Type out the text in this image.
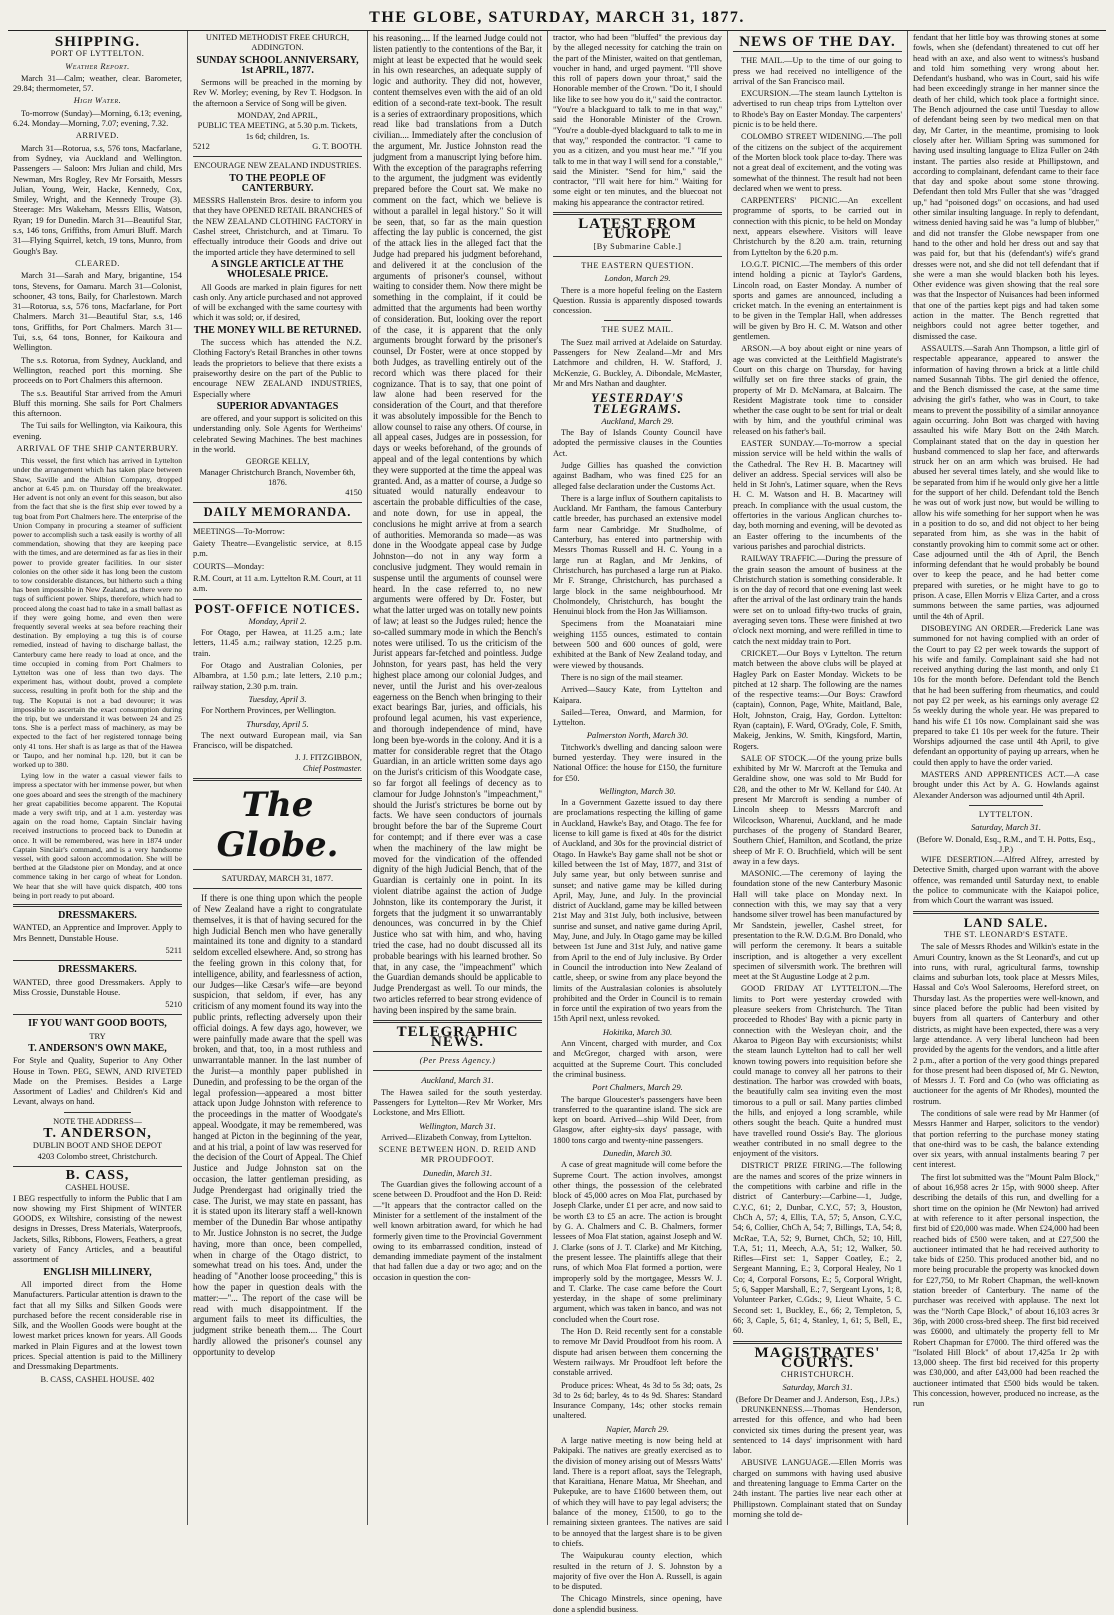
THE GLOBE, SATURDAY, MARCH 31, 1877.
SHIPPING.
PORT OF LYTTELTON.
Weather Report.

March 31—Calm; weather, clear. Barometer, 29.84; thermometer, 57.

High Water.

To-morrow (Sunday)—Morning, 6.13; evening, 6.24. Monday—Morning, 7.07; evening, 7.32.

ARRIVED.

March 31—Rotorua, s.s, 576 tons, Macfarlane, from Sydney, via Auckland and Wellington. Passengers — Saloon: Mrs Julian and child, Mrs Newman, Mrs Rogley, Rev Mr Forsaith, Messrs Julian, Young, Weir, Hacke, Kennedy, Cox, Smiley, Wright, and the Kennedy Troupe (3). Steerage: Mrs Wakeham, Messrs Ellis, Watson, Ryan; 19 for Dunedin. March 31—Beautiful Star, s.s, 146 tons, Griffiths, from Amuri Bluff. March 31—Flying Squirrel, ketch, 19 tons, Munro, from Gough's Bay.

CLEARED.

March 31—Sarah and Mary, brigantine, 154 tons, Stevens, for Oamaru. March 31—Colonist, schooner, 43 tons, Baily, for Charlestown. March 31—Rotorua, s.s, 576 tons, Macfarlane, for Port Chalmers. March 31—Beautiful Star, s.s, 146 tons, Griffiths, for Port Chalmers. March 31—Tui, s.s, 64 tons, Bonner, for Kaikoura and Wellington.

The s.s. Rotorua, from Sydney, Auckland, and Wellington, reached port this morning. She proceeds on to Port Chalmers this afternoon.

The s.s. Beautiful Star arrived from the Amuri Bluff this morning. She sails for Port Chalmers this afternoon.

The Tui sails for Wellington, via Kaikoura, this evening.

ARRIVAL OF THE SHIP CANTERBURY.

This vessel, the first which has arrived in Lyttelton under the arrangement which has taken place between Shaw, Saville and the Albion Company, dropped anchor at 6.45 p.m. on Thursday off the breakwater. Her advent is not only an event for this season, but also from the fact that she is the first ship ever towed by a tug boat from Port Chalmers here. The enterprise of the Union Company in procuring a steamer of sufficient power to accomplish such a task easily is worthy of all commendation, showing that they are keeping pace with the times, and are determined as far as lies in their power to provide greater facilities. In our sister colonies on the other side it has long been the custom to tow considerable distances, but hitherto such a thing has been impossible in New Zealand, as there were no tugs of sufficient power. Ships, therefore, which had to proceed along the coast had to take in a small ballast as if they were going home, and even then were frequently several weeks at sea before reaching their destination. By employing a tug this is of course remedied, instead of having to discharge ballast, the Canterbury came here ready to load at once, and the time occupied in coming from Port Chalmers to Lyttelton was one of less than two days. The experiment has, without doubt, proved a complete success, resulting in profit both for the ship and the tug. The Koputai is not a bad devourer; it was impossible to ascertain the exact consumption during the trip, but we understand it was between 24 and 25 tons. She is a perfect mass of machinery, as may be expected to the fact of her registered tonnage being only 41 tons. Her shaft is as large as that of the Hawea or Taupo, and her nominal h.p. 120, but it can be worked up to 380.

Lying low in the water a casual viewer fails to impress a spectator with her immense power, but when one goes aboard and sees the strength of the machinery her great capabilities become apparent. The Koputai made a very swift trip, and at 1 a.m. yesterday was again on the road home, Captain Sinclair having received instructions to proceed back to Dunedin at once. It will be remembered, was here in 1874 under Captain Sinclair's command, and is a very handsome vessel, with good saloon accommodation. She will be berthed at the Gladstone pier on Monday, and at once commence taking in her cargo of wheat for London. We hear that she will have quick dispatch, 400 tons being in port ready to put aboard.

DRESSMAKERS.

WANTED, an Apprentice and Improver. Apply to Mrs Bennett, Dunstable House.

5211
DRESSMAKERS.

WANTED, three good Dressmakers. Apply to Miss Crossie, Dunstable House.

5210
IF YOU WANT GOOD BOOTS,
TRY
T. ANDERSON'S OWN MAKE,

For Style and Quality, Superior to Any Other House in Town. PEG, SEWN, AND RIVETED Made on the Premises. Besides a Large Assortment of Ladies' and Children's Kid and Levant, always on hand.

NOTE THE ADDRESS—
T. ANDERSON,
DUBLIN BOOT AND SHOE DEPOT
4203 Colombo street, Christchurch.
B. CASS,
CASHEL HOUSE.

I BEG respectfully to inform the Public that I am now showing my First Shipment of WINTER GOODS, ex Wiltshire, consisting of the newest designs in Dresses, Dress Materials, Waterproofs, Jackets, Silks, Ribbons, Flowers, Feathers, a great variety of Fancy Articles, and a beautiful assortment of

ENGLISH MILLINERY,

All imported direct from the Home Manufacturers. Particular attention is drawn to the fact that all my Silks and Silken Goods were purchased before the recent considerable rise in Silk, and the Woollen Goods were bought at the lowest market prices known for years. All Goods marked in Plain Figures and at the lowest town prices. Special attention is paid to the Millinery and Dressmaking Departments.

B. CASS, CASHEL HOUSE. 402
UNITED METHODIST FREE CHURCH, ADDINGTON.
SUNDAY SCHOOL ANNIVERSARY, 1st APRIL, 1877.

Sermons will be preached in the morning by Rev W. Morley; evening, by Rev T. Hodgson. In the afternoon a Service of Song will be given.

MONDAY, 2nd APRIL,
PUBLIC TEA MEETING, at 5.30 p.m. Tickets, 1s 6d; children, 1s.
5212	G. T. BOOTH.
ENCOURAGE NEW ZEALAND INDUSTRIES.
TO THE PEOPLE OF CANTERBURY.

MESSRS Hallenstein Bros. desire to inform you that they have OPENED RETAIL BRANCHES of the NEW ZEALAND CLOTHING FACTORY in Cashel street, Christchurch, and at Timaru. To effectually introduce their Goods and drive out the imported article they have determined to sell

A SINGLE ARTICLE AT THE WHOLESALE PRICE.

All Goods are marked in plain figures for nett cash only. Any article purchased and not approved of will be exchanged with the same courtesy with which it was sold; or, if desired,

THE MONEY WILL BE RETURNED.

The success which has attended the N.Z. Clothing Factory's Retail Branches in other towns leads the proprietors to believe that there exists a praiseworthy desire on the part of the Public to encourage NEW ZEALAND INDUSTRIES, Especially where

SUPERIOR ADVANTAGES

are offered, and your support is solicited on this understanding only. Sole Agents for Wertheims' celebrated Sewing Machines. The best machines in the world.

GEORGE KELLY,
Manager Christchurch Branch, November 6th, 1876.
4150
DAILY MEMORANDA.

MEETINGS—To-Morrow:

Gaiety Theatre—Evangelistic service, at 8.15 p.m.

COURTS—Monday:

R.M. Court, at 11 a.m. Lyttelton R.M. Court, at 11 a.m.

POST-OFFICE NOTICES.
Monday, April 2.

For Otago, per Hawea, at 11.25 a.m.; late letters, 11.45 a.m.; railway station, 12.25 p.m. train.

For Otago and Australian Colonies, per Albambra, at 1.50 p.m.; late letters, 2.10 p.m.; railway station, 2.30 p.m. train.

Tuesday, April 3.

For Northern Provinces, per Wellington.

Thursday, April 5.

The next outward European mail, via San Francisco, will be dispatched.

J. J. FITZGIBBON,
Chief Postmaster.
The Globe.
SATURDAY, MARCH 31, 1877.

If there is one thing upon which the people of New Zealand have a right to congratulate themselves, it is that of having secured for the high Judicial Bench men who have generally maintained its tone and dignity to a standard seldom excelled elsewhere. And, so strong has the feeling grown in this colony that, for intelligence, ability, and fearlessness of action, our Judges—like Cæsar's wife—are beyond suspicion, that seldom, if ever, has any criticism of any moment found its way into the public prints, reflecting adversely upon their official doings. A few days ago, however, we were painfully made aware that the spell was broken, and that, too, in a most ruthless and unwarrantable manner. In the last number of the Jurist—a monthly paper published in Dunedin, and professing to be the organ of the legal profession—appeared a most bitter attack upon Judge Johnston with reference to the proceedings in the matter of Woodgate's appeal. Woodgate, it may be remembered, was hanged at Picton in the beginning of the year, and at his trial, a point of law was reserved for the decision of the Court of Appeal. The Chief Justice and Judge Johnston sat on the occasion, the latter gentleman presiding, as Judge Prendergast had originally tried the case. The Jurist, we may state en passant, has it is stated upon its literary staff a well-known member of the Dunedin Bar whose antipathy to Mr. Justice Johnston is no secret, the Judge having, more than once, been compelled, when in charge of the Otago district, to somewhat tread on his toes. And, under the heading of "Another loose proceeding," this is how the paper in question deals with the matter:—"... The report of the case will be read with much disappointment. If the argument fails to meet its difficulties, the judgment strike beneath them.... The Court hardly allowed the prisoner's counsel any opportunity to develop

his reasoning.... If the learned Judge could not listen patiently to the contentions of the Bar, it might at least be expected that he would seek in his own researches, an adequate supply of logic and authority. They did not, however, content themselves even with the aid of an old edition of a second-rate text-book. The result is a series of extraordinary propositions, which read like bad translations from a Dutch civilian.... Immediately after the conclusion of the argument, Mr. Justice Johnston read the judgment from a manuscript lying before him. With the exception of the paragraphs referring to the argument, the judgment was evidently prepared before the Court sat. We make no comment on the fact, which we believe is without a parallel in legal history." So it will be seen, that, so far as the main question affecting the lay public is concerned, the gist of the attack lies in the alleged fact that the Judge had prepared his judgment beforehand, and delivered it at the conclusion of the arguments of prisoner's counsel, without waiting to consider them. Now there might be something in the complaint, if it could be admitted that the arguments had been worthy of consideration. But, looking over the report of the case, it is apparent that the only arguments brought forward by the prisoner's counsel, Dr Foster, were at once stopped by both Judges, as travelling entirely out of the record which was there placed for their cognizance. That is to say, that one point of law alone had been reserved for the consideration of the Court, and that therefore it was absolutely impossible for the Bench to allow counsel to raise any others. Of course, in all appeal cases, Judges are in possession, for days or weeks beforehand, of the grounds of appeal and of the legal contentions by which they were supported at the time the appeal was granted. And, as a matter of course, a Judge so situated would naturally endeavour to ascertain the probable difficulties of the case, and note down, for use in appeal, the conclusions he might arrive at from a search of authorities. Memoranda so made—as was done in the Woodgate appeal case by Judge Johnston—do not in any way form a conclusive judgment. They would remain in suspense until the arguments of counsel were heard. In the case referred to, no new arguments were offered by Dr. Foster, but what the latter urged was on totally new points of law; at least so the Judges ruled; hence the so-called summary mode in which the Bench's notes were utilised. To us the criticism of the Jurist appears far-fetched and pointless. Judge Johnston, for years past, has held the very highest place among our colonial Judges, and never, until the Jurist and his over-zealous eagerness on the Bench when bringing to their exact bearings Bar, juries, and officials, his profound legal acumen, his vast experience, and thorough independence of mind, have long been bye-words in the colony. And it is a matter for considerable regret that the Otago Guardian, in an article written some days ago on the Jurist's criticism of this Woodgate case, so far forgot all feelings of decency as to clamour for Judge Johnston's "impeachment," should the Jurist's strictures be borne out by facts. We have seen conductors of journals brought before the bar of the Supreme Court for contempt; and if there ever was a case when the machinery of the law might be moved for the vindication of the offended dignity of the high Judicial Bench, that of the Guardian is certainly one in point. In its violent diatribe against the action of Judge Johnston, like its contemporary the Jurist, it forgets that the judgment it so unwarrantably denounces, was concurred in by the Chief Justice who sat with him, and who, having tried the case, had no doubt discussed all its probable bearings with his learned brother. So that, in any case, the "impeachment" which the Guardian demands should be applicable to Judge Prendergast as well. To our minds, the two articles referred to bear strong evidence of having been inspired by the same brain.

TELEGRAPHIC NEWS.
(Per Press Agency.)
Auckland, March 31.

The Hawea sailed for the south yesterday. Passengers for Lyttelton—Rev Mr Worker, Mrs Lockstone, and Mrs Elliott.

Wellington, March 31.

Arrived—Elizabeth Conway, from Lyttelton.

SCENE BETWEEN HON. D. REID AND MR PROUDFOOT.
Dunedin, March 31.

The Guardian gives the following account of a scene between D. Proudfoot and the Hon D. Reid:—"It appears that the contractor called on the Minister for a settlement of the instalment of the well known arbitration award, for which he had formerly given time to the Provincial Government owing to its embarrassed condition, instead of demanding immediate payment of the instalment that had fallen due a day or two ago; and on the occasion in question the con-

tractor, who had been "bluffed" the previous day by the alleged necessity for catching the train on the part of the Minister, waited on that gentleman, voucher in hand, and urged payment. "I'll shove this roll of papers down your throat," said the Honorable member of the Crown. "Do it, I should like like to see how you do it," said the contractor. "You're a blackguard to talk to me in that way," said the Honorable Minister of the Crown. "You're a double-dyed blackguard to talk to me in that way," responded the contractor. "I came to you as a citizen, and you must hear me." "If you talk to me in that way I will send for a constable," said the Minister. "Send for him," said the contractor, "I'll wait here for him." Waiting for some eight or ten minutes, and the bluecoat not making his appearance the contractor retired.

LATEST FROM EUROPE
[By Submarine Cable.]
THE EASTERN QUESTION.
London, March 29.

There is a more hopeful feeling on the Eastern Question. Russia is apparently disposed towards concession.

THE SUEZ MAIL.

The Suez mail arrived at Adelaide on Saturday. Passengers for New Zealand—Mr and Mrs Latchmore and children, H. W. Stafford, J. McKenzie, G. Buckley, A. Dibondale, McMaster, Mr and Mrs Nathan and daughter.

YESTERDAY'S TELEGRAMS.
Auckland, March 29.

The Bay of Islands County Council have adopted the permissive clauses in the Counties Act.

Judge Gillies has quashed the conviction against Badham, who was fined £25 for an alleged false declaration under the Customs Act.

There is a large influx of Southern capitalists to Auckland. Mr Fantham, the famous Canterbury cattle breeder, has purchased an extensive model farm near Cambridge. Mr Studholme, of Canterbury, has entered into partnership with Messrs Thomas Russell and H. C. Young in a large run at Raglan, and Mr Jenkins, of Christchurch, has purchased a large run at Piako. Mr F. Strange, Christchurch, has purchased a large block in the same neighbourhood. Mr Cholmondely, Christchurch, has bought the Henuinui block from the Hon Jas Williamson.

Specimens from the Moanataiari mine weighing 1155 ounces, estimated to contain between 500 and 600 ounces of gold, were exhibited at the Bank of New Zealand today, and were viewed by thousands.

There is no sign of the mail steamer.

Arrived—Saucy Kate, from Lyttelton and Kaipara.

Sailed—Terea, Onward, and Marmion, for Lyttelton.

Palmerston North, March 30.

Titchwork's dwelling and dancing saloon were burned yesterday. They were insured in the National Office: the house for £150, the furniture for £50.

Wellington, March 30.

In a Government Gazette issued to day there are proclamations respecting the killing of game in Auckland, Hawke's Bay, and Otago. The fee for license to kill game is fixed at 40s for the district of Auckland, and 30s for the provincial district of Otago. In Hawke's Bay game shall not be shot or killed between the 1st of May, 1877, and 31st of July same year, but only between sunrise and sunset; and native game may be killed during April, May, June, and July. In the provincial district of Auckland, game may be killed between 21st May and 31st July, both inclusive, between sunrise and sunset, and native game during April, May, June, and July. In Otago game may be killed between 1st June and 31st July, and native game from April to the end of July inclusive. By Order in Council the introduction into New Zealand of cattle, sheep, or swine from any place beyond the limits of the Australasian colonies is absolutely prohibited and the Order in Council is to remain in force until the expiration of two years from the 15th April next, unless revoked.

Hokitika, March 30.

Ann Vincent, charged with murder, and Cox and McGregor, charged with arson, were acquitted at the Supreme Court. This concluded the criminal business.

Port Chalmers, March 29.

The barque Gloucester's passengers have been transferred to the quarantine island. The sick are kept on board. Arrived—ship Wild Deer, from Glasgow, after eighty-six days' passage, with 1800 tons cargo and twenty-nine passengers.

Dunedin, March 30.

A case of great magnitude will come before the Supreme Court. The action involves, amongst other things, the possession of the celebrated block of 45,000 acres on Moa Flat, purchased by Joseph Clarke, under £1 per acre, and now said to be worth £3 to £5 an acre. The action is brought by G. A. Chalmers and C. B. Chalmers, former lessees of Moa Flat station, against Joseph and W. J. Clarke (sons of J. T. Clarke) and Mr Kitching, the present lessee. The plaintiffs allege that their runs, of which Moa Flat formed a portion, were improperly sold by the mortgagee, Messrs W. J. and T. Clarke. The case came before the Court yesterday, in the shape of some preliminary argument, which was taken in banco, and was not concluded when the Court rose.

The Hon D. Reid recently sent for a constable to remove Mr David Proudfoot from his room. A dispute had arisen between them concerning the Western railways. Mr Proudfoot left before the constable arrived.

Produce prices: Wheat, 4s 3d to 5s 3d; oats, 2s 3d to 2s 6d; barley, 4s to 4s 9d. Shares: Standard Insurance Company, 14s; other stocks remain unaltered.

Napier, March 29.

A large native meeting is now being held at Pakipaki. The natives are greatly exercised as to the division of money arising out of Messrs Watts' land. There is a report afloat, says the Telegraph, that Karaitiana, Henare Matua, Mr Sheehan, and Pukepuke, are to have £1600 between them, out of which they will have to pay legal advisers; the balance of the money, £1500, to go to the remaining sixteen grantees. The natives are said to be annoyed that the largest share is to be given to chiefs.

The Waipukurau county election, which resulted in the return of J. S. Johnston by a majority of five over the Hon A. Russell, is again to be disputed.

The Chicago Minstrels, since opening, have done a splendid business.

NEWS OF THE DAY.

THE MAIL.—Up to the time of our going to press we had received no intelligence of the arrival of the San Francisco mail.

EXCURSION.—The steam launch Lyttelton is advertised to run cheap trips from Lyttelton over to Rhode's Bay on Easter Monday. The carpenters' picnic is to be held there.

COLOMBO STREET WIDENING.—The poll of the citizens on the subject of the acquirement of the Morten block took place to-day. There was not a great deal of excitement, and the voting was somewhat of the thinnest. The result had not been declared when we went to press.

CARPENTERS' PICNIC.—An excellent programme of sports, to be carried out in connection with this picnic, to be held on Monday next, appears elsewhere. Visitors will leave Christchurch by the 8.20 a.m. train, returning from Lyttelton by the 6.20 p.m.

I.O.G.T. PICNIC.—The members of this order intend holding a picnic at Taylor's Gardens, Lincoln road, on Easter Monday. A number of sports and games are announced, including a cricket match. In the evening an entertainment is to be given in the Templar Hall, when addresses will be given by Bro H. C. M. Watson and other gentlemen.

ARSON.—A boy about eight or nine years of age was convicted at the Leithfield Magistrate's Court on this charge on Thursday, for having wilfully set on fire three stacks of grain, the property of Mr D. McNamara, at Balcairn. The Resident Magistrate took time to consider whether the case ought to be sent for trial or dealt with by him, and the youthful criminal was released on his father's bail.

EASTER SUNDAY.—To-morrow a special mission service will be held within the walls of the Cathedral. The Rev H. B. Macartney will deliver an address. Special services will also be held in St John's, Latimer square, when the Revs H. C. M. Watson and H. B. Macartney will preach. In compliance with the usual custom, the offertories in the various Anglican churches to-day, both morning and evening, will be devoted as an Easter offering to the incumbents of the various parishes and parochial districts.

RAILWAY TRAFFIC.—During the pressure of the grain season the amount of business at the Christchurch station is something considerable. It is on the day of record that one evening last week after the arrival of the last ordinary train the hands were set on to unload fifty-two trucks of grain, averaging seven tons. These were finished at two o'clock next morning, and were refilled in time to catch the next midday train to Port.

CRICKET.—Our Boys v Lyttelton. The return match between the above clubs will be played at Hagley Park on Easter Monday. Wickets to be pitched at 12 sharp. The following are the names of the respective teams:—Our Boys: Crawford (captain), Connon, Page, White, Maitland, Bale, Holt, Johnston, Craig, Hay, Gordon. Lyttelton: Ryan (captain), F. Ward, O'Grady, Cole, F. Smith, Makeig, Jenkins, W. Smith, Kingsford, Martin, Rogers.

SALE OF STOCK.—Of the young prize bulls exhibited by Mr W. Marcroft at the Temuka and Geraldine show, one was sold to Mr Budd for £28, and the other to Mr W. Kelland for £40. At present Mr Marcroft is sending a number of Lincoln sheep to Messrs Marcroft and Wilcockson, Wharenui, Auckland, and he made purchases of the progeny of Standard Bearer, Southern Chief, Hamilton, and Scotland, the prize sheep of Mr F. O. Bruchfield, which will be sent away in a few days.

MASONIC.—The ceremony of laying the foundation stone of the new Canterbury Masonic Hall will take place on Monday next. In connection with this, we may say that a very handsome silver trowel has been manufactured by Mr Sandstein, jeweller, Cashel street, for presentation to the R.W. D.G.M. Bro Donald, who will perform the ceremony. It bears a suitable inscription, and is altogether a very excellent specimen of silversmith work. The brethren will meet at the St Augustine Lodge at 2 p.m.

GOOD FRIDAY AT LYTTELTON.—The limits to Port were yesterday crowded with pleasure seekers from Christchurch. The Titan proceeded to Rhodes' Bay with a picnic party in connection with the Wesleyan choir, and the Akaroa to Pigeon Bay with excursionists; whilst the steam launch Lyttelton had to call her well known towing powers into requisition before she could manage to convey all her patrons to their destination. The harbor was crowded with boats, the beautifully calm sea inviting even the most timorous to a pull or sail. Many parties climbed the hills, and enjoyed a long scramble, while others sought the beach. Quite a hundred must have travelled round Ossie's Bay. The glorious weather contributed in no small degree to the enjoyment of the visitors.

DISTRICT PRIZE FIRING.—The following are the names and scores of the prize winners in the competitions with carbine and rifle in the district of Canterbury:—Carbine—1, Judge, C.Y.C, 61; 2, Dunbar, C.Y.C, 57; 3, Houston, ChCh A, 57; 4, Ellis, T.A, 57; 5, Anson, C.Y.C, 54; 6, Collier, ChCh A, 54; 7, Billings, T.A, 54; 8, McRae, T.A, 52; 9, Burnet, ChCh, 52; 10, Hill, T.A, 51; 11, Meech, A.A, 51; 12, Walker, 50. Rifles—First set: 1, Sapper Coatley, E.; 2, Sergeant Manning, E.; 3, Corporal Healey, No 1 Co; 4, Corporal Forsons, E.; 5, Corporal Wright, 5; 6, Sapper Marshall, E.; 7, Sergeant Lyons, 1; 8, Volunteer Parker, C.Gds.; 9, Lieut Whaite, 5 C. Second set: 1, Buckley, E., 66; 2, Templeton, 5, 66; 3, Caple, 5, 61; 4, Stanley, 1, 61; 5, Bell, E., 60.

MAGISTRATES' COURTS.
CHRISTCHURCH.
Saturday, March 31.
(Before Dr Deamer and J. Anderson, Esq., J.P.s.)

DRUNKENNESS.—Thomas Henderson, arrested for this offence, and who had been convicted six times during the present year, was sentenced to 14 days' imprisonment with hard labor.

ABUSIVE LANGUAGE.—Ellen Morris was charged on summons with having used abusive and threatening language to Emma Carter on the 24th instant. The parties live near each other at Phillipstown. Complainant stated that on Sunday morning she told de-

fendant that her little boy was throwing stones at some fowls, when she (defendant) threatened to cut off her head with an axe, and also went to witness's husband and told him something very wrong about her. Defendant's husband, who was in Court, said his wife had been exceedingly strange in her manner since the death of her child, which took place a fortnight since. The Bench adjourned the case until Tuesday to allow of defendant being seen by two medical men on that day, Mr Carter, in the meantime, promising to look closely after her. William Spring was summoned for having used insulting language to Eliza Fuller on 24th instant. The parties also reside at Phillipstown, and according to complainant, defendant came to their face that day and spoke about some stone throwing. Defendant then told Mrs Fuller that she was "dragged up," had "poisoned dogs" on occasions, and had used other similar insulting language. In reply to defendant, witness denied having said he was "a lump of blubber," and did not transfer the Globe newspaper from one hand to the other and hold her dress out and say that was paid for, but that his (defendant's) wife's grand dresses were not, and she did not tell defendant that if she were a man she would blacken both his leyes. Other evidence was given showing that the real sore was that the Inspector of Nuisances had been informed that one of the parties kept pigs and had taken some action in the matter. The Bench regretted that neighbors could not agree better together, and dismissed the case.

ASSAULTS.—Sarah Ann Thompson, a little girl of respectable appearance, appeared to answer the information of having thrown a brick at a little child named Susannah Tibbs. The girl denied the offence, and the Bench dismissed the case, at the same time advising the girl's father, who was in Court, to take means to prevent the possibility of a similar annoyance again occurring. John Bott was charged with having assaulted his wife Mary Bott on the 24th March. Complainant stated that on the day in question her husband commenced to slap her face, and afterwards struck her on an arm which was bruised. He had abused her several times lately, and she would like to be separated from him if he would only give her a little for the support of her child. Defendant told the Bench he was out of work just now, but would be willing to allow his wife something for her support when he was in a position to do so, and did not object to her being separated from him, as she was in the habit of constantly provoking him to commit some act or other. Case adjourned until the 4th of April, the Bench informing defendant that he would probably be bound over to keep the peace, and he had better come prepared with sureties, or he might have to go to prison. A case, Ellen Morris v Eliza Carter, and a cross summons between the same parties, was adjourned until the 4th of April.

DISOBEYING AN ORDER.—Frederick Lane was summoned for not having complied with an order of the Court to pay £2 per week towards the support of his wife and family. Complainant said she had not received anything during the last month, and only £1 10s for the month before. Defendant told the Bench that he had been suffering from rheumatics, and could not pay £2 per week, as his earnings only average £2 5s weekly during the whole year. He was prepared to hand his wife £1 10s now. Complainant said she was prepared to take £1 10s per week for the future. Their Worships adjourned the case until 4th April, to give defendant an opportunity of paying up arrears, when he could then apply to have the order varied.

MASTERS AND APPRENTICES ACT.—A case brought under this Act by A. G. Howlands against Alexander Anderson was adjourned until 4th April.

LYTTELTON.
Saturday, March 31.
(Before W. Donald, Esq., R.M., and T. H. Potts, Esq., J.P.)

WIFE DESERTION.—Alfred Alfrey, arrested by Detective Smith, charged upon warrant with the above offence, was remanded until Saturday next, to enable the police to communicate with the Kaiapoi police, from which Court the warrant was issued.

LAND SALE.
THE ST. LEONARD'S ESTATE.

The sale of Messrs Rhodes and Wilkin's estate in the Amuri Country, known as the St Leonard's, and cut up into runs, with rural, agricultural farms, township claims and suburban lots, took place at Messrs Miles, Hassal and Co's Wool Salerooms, Hereford street, on Thursday last. As the properties were well-known, and since placed before the public had been visited by buyers from all quarters of Canterbury and other districts, as might have been expected, there was a very large attendance. A very liberal luncheon had been provided by the agents for the vendors, and a little after 2 p.m., after a portion of the very good things prepared for those present had been disposed of, Mr G. Newton, of Messrs J. T. Ford and Co (who was officiating as auctioneer for the agents of Mr Rhodes), mounted the rostrum.

The conditions of sale were read by Mr Hanmer (of Messrs Hanmer and Harper, solicitors to the vendor) that portion referring to the purchase money stating that one-third was to be cash, the balance extending over six years, with annual instalments bearing 7 per cent interest.

The first lot submitted was the "Mount Palm Block," of about 16,958 acres 2r 15p, with 9000 sheep. After describing the details of this run, and dwelling for a short time on the opinion he (Mr Newton) had arrived at with reference to it after personal inspection, the first bid of £20,000 was made. When £24,000 had been reached bids of £500 were taken, and at £27,500 the auctioneer intimated that he had received authority to take bids of £250. This produced another bid, and no more being procurable the property was knocked down for £27,750, to Mr Robert Chapman, the well-known station breeder of Canterbury. The name of the purchaser was received with applause. The next lot was the "North Cape Block," of about 16,103 acres 3r 36p, with 2000 cross-bred sheep. The first bid received was £6000, and ultimately the property fell to Mr Robert Chapman for £7000. The third offered was the "Isolated Hill Block" of about 17,425a 1r 2p with 13,000 sheep. The first bid received for this property was £30,000, and after £43,000 had been reached the auctioneer intimated that £500 bids would be taken. This concession, however, produced no increase, as the run
